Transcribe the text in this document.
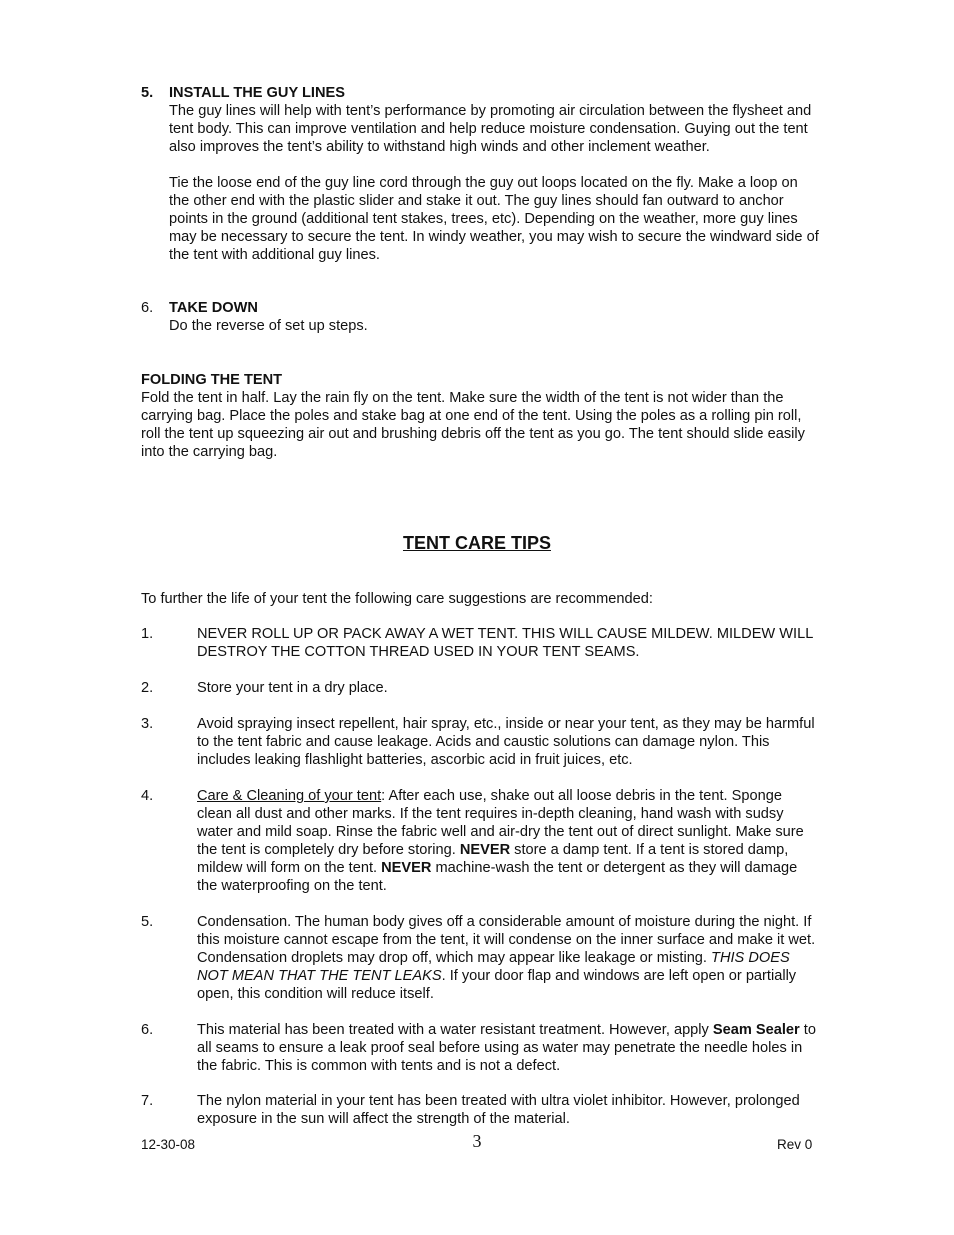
5. INSTALL THE GUY LINES

The guy lines will help with tent’s performance by promoting air circulation between the flysheet and tent body. This can improve ventilation and help reduce moisture condensation. Guying out the tent also improves the tent’s ability to withstand high winds and other inclement weather.

Tie the loose end of the guy line cord through the guy out loops located on the fly. Make a loop on the other end with the plastic slider and stake it out. The guy lines should fan outward to anchor points in the ground (additional tent stakes, trees, etc). Depending on the weather, more guy lines may be necessary to secure the tent. In windy weather, you may wish to secure the windward side of the tent with additional guy lines.

6. TAKE DOWN

Do the reverse of set up steps.

FOLDING THE TENT

Fold the tent in half. Lay the rain fly on the tent. Make sure the width of the tent is not wider than the carrying bag. Place the poles and stake bag at one end of the tent. Using the poles as a rolling pin roll, roll the tent up squeezing air out and brushing debris off the tent as you go. The tent should slide easily into the carrying bag.

TENT CARE TIPS
To further the life of your tent the following care suggestions are recommended:
1.	NEVER ROLL UP OR PACK AWAY A WET TENT. THIS WILL CAUSE MILDEW. MILDEW WILL DESTROY THE COTTON THREAD USED IN YOUR TENT SEAMS.
2.	Store your tent in a dry place.
3.	Avoid spraying insect repellent, hair spray, etc., inside or near your tent, as they may be harmful to the tent fabric and cause leakage. Acids and caustic solutions can damage nylon. This includes leaking flashlight batteries, ascorbic acid in fruit juices, etc.
4.	Care & Cleaning of your tent: After each use, shake out all loose debris in the tent. Sponge clean all dust and other marks. If the tent requires in-depth cleaning, hand wash with sudsy water and mild soap. Rinse the fabric well and air-dry the tent out of direct sunlight. Make sure the tent is completely dry before storing. NEVER store a damp tent. If a tent is stored damp, mildew will form on the tent. NEVER machine-wash the tent or detergent as they will damage the waterproofing on the tent.
5.	Condensation. The human body gives off a considerable amount of moisture during the night. If this moisture cannot escape from the tent, it will condense on the inner surface and make it wet. Condensation droplets may drop off, which may appear like leakage or misting. THIS DOES NOT MEAN THAT THE TENT LEAKS. If your door flap and windows are left open or partially open, this condition will reduce itself.
6.	This material has been treated with a water resistant treatment. However, apply Seam Sealer to all seams to ensure a leak proof seal before using as water may penetrate the needle holes in the fabric. This is common with tents and is not a defect.
7.	The nylon material in your tent has been treated with ultra violet inhibitor. However, prolonged exposure in the sun will affect the strength of the material.
12-30-08	3	Rev 0
